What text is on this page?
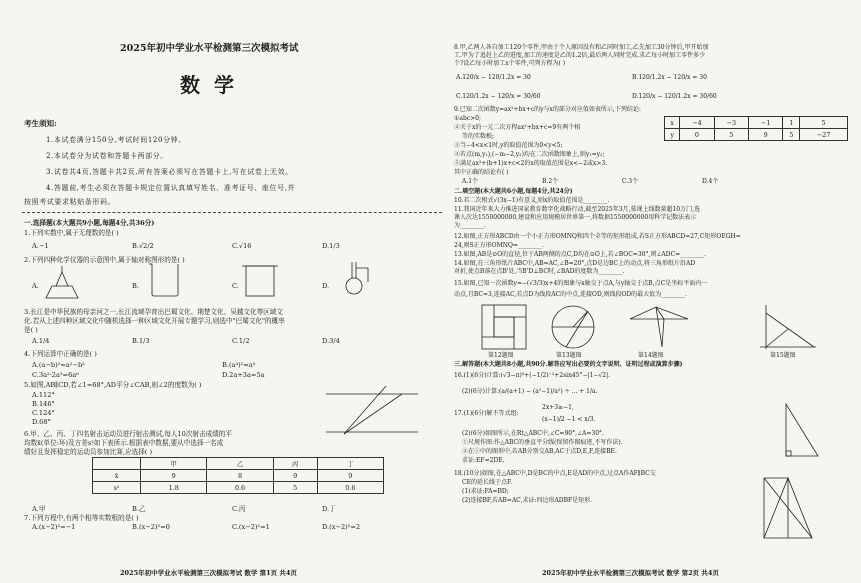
2025年初中学业水平检测第三次模拟考试
数学
考生须知:
1.本试卷满分150分,考试时间120分钟。
2.本试卷分为试卷和答题卡两部分。
3.试卷共4页,答题卡共2页,所有答案必须写在答题卡上,写在试卷上无效。
4.答题前,考生必须在答题卡规定位置认真填写姓名、准考证号、座位号,并
按照考试要求粘贴条形码。
一.选择题(本大题共9小题,每题4分,共36分)
1.下列实数中,属于无理数的是( )
A.−1	B.√2/2	C.√16	D.1/3
2.下列四种化学仪器的示意图中,属于轴对称图形的是( )
A.	B.	C.	D.
3.长江是中华民族的母亲河之一,长江流域孕育出巴蜀文化、荆楚文化、吴越文化等区域文
化.若从上述四种区域文化中随机选择一种区域文化开展专题学习,则选中"巴蜀文化"的概率
是( )
A.1/4	B.1/3	C.1/2	D.3/4
4.下列运算中正确的是( )
A.(a−b)²=a²−b²	B.(a³)²=a⁵
C.3a²·2a³=6a⁶	D.2a+3a=5a
5.如图,AB∥CD,若∠1=68°,AD平分∠CAB,则∠2的度数为( )
A.112°
B.146°
C.124°
D.68°
6.甲、乙、丙、丁四名射击运动员进行射击测试,每人10次射击成绩的平
均数x̄(单位:环)及方差s²如下表所示.根据表中数据,要从中选择一名成
绩好且发挥稳定的运动员参加比赛,应选择( )
	甲	乙	丙	丁
x̄	9	8	9	9
s²	1.8	0.6	5	0.6
A.甲	B.乙	C.丙	D.丁
7.下列方程中,有两个相等实数根的是( )
A.(x−2)²=−1	B.(x−2)²=0	C.(x−2)²=1	D.(x−2)²=2
2025年初中学业水平检测第三次模拟考试 数学 第1页 共4页
8.甲,乙两人各自加工120个零件,甲由于个人原因没有和乙同时加工,乙先加工30分钟后,甲开始加
工.甲为了追赶上乙的进度,加工的速度是乙的1.2倍,最后两人同时完成.求乙每小时加工零件多少
个?设乙每小时加工x个零件,可列方程为( )
A.120/x − 120/1.2x = 30	B.120/1.2x − 120/x = 30
C.120/1.2x − 120/x = 30/60	D.120/x − 120/1.2x = 30/60
9.已知二次函数y=ax²+bx+c的y与x的部分对应值如表所示,下列结论:
①abc>0;
②关于x的一元二次方程ax²+bx+c=9有两个相
等的实数根;
③当−4<x<1时,y的取值范围为0<y<5;
④若点(m,y₁),(−m−2,y₂)均在二次函数图象上,则y₁=y₂;
⑤满足ax²+(b+1)x+c<2的x的取值范围是x<−2或x>3.
其中正确的结论有( )
x	−4	−3	−1	1	5
y	0	5	9	5	−27
A.1个	B.2个	C.3个	D.4个
二.填空题(本大题共6小题,每题4分,共24分)
10.若二次根式√(3x−1)有意义,则x的取值范围是________.
11.我国近年来大力推进国家教育数字化战略行动,截至2025年3月,慕课上线数量超10万门,选
课人次达1550000000,建设和应用规模居世界第一,将数据1550000000用科学记数法表示
为________.
12.如图,正方形ABCD由一个小正方形OMNQ和四个全等的矩形组成,若S正方形ABCD=27,C矩形OEGH=
24,则S正方形OMNQ=________.
13.如图,AB是⊙O的直径,位于AB两侧的点C,D均在⊙O上,若∠BOC=30°,则∠ADC=________.
14.如图,在三角形纸片ABC中,AB=AC,∠B=20°,点D是边BC上的动点,将三角形纸片沿AD
对折,使点B落在点B'处,当B'D⊥BC时,∠BAD的度数为________.
15.如图,已知一次函数y=−(√3/3)x+4的图象与x轴交于点A,与y轴交于点B,点C是坐标平面内一
动点,且BC=3,连接AC,若点D为线段AC的中点,连接OD,则线段OD的最大值为________.
第12题图	第13题图	第14题图	第15题图
三.解答题(本大题共8小题,共90分.解答应写出必要的文字说明、证明过程或演算步骤)
16.(1)(6分)计算:(√3−π)⁰+(−1/2)⁻²+2sin45°−|1−√2|.
(2)(6分)计算:(a/(a+1) − (a²−1)/a²) ÷ ... + 1/a.
17.(1)(6分)解不等式组:
2x+3≥−1,
(x−1)/2 −1 < x/3.
(2)(6分)如图所示,在Rt△ABC中,∠C=90°,∠A=30°.
①尺规作图:作△ABC的垂直平分线(保留作图痕迹,不写作法).
②在①中的图形中,若AB分别交AB,AC于点D,E,F,连接BE.
求证:EF=2DE.
18.(10分)如图,在△ABC中,D是BC的中点,E是AD的中点,过点A作AF∥BC交
CE的延长线于点F.
(1)求证:FA=BD;
(2)连接BF,若AB=AC,求证:四边形ADBF是矩形.
2025年初中学业水平检测第三次模拟考试 数学 第2页 共4页
